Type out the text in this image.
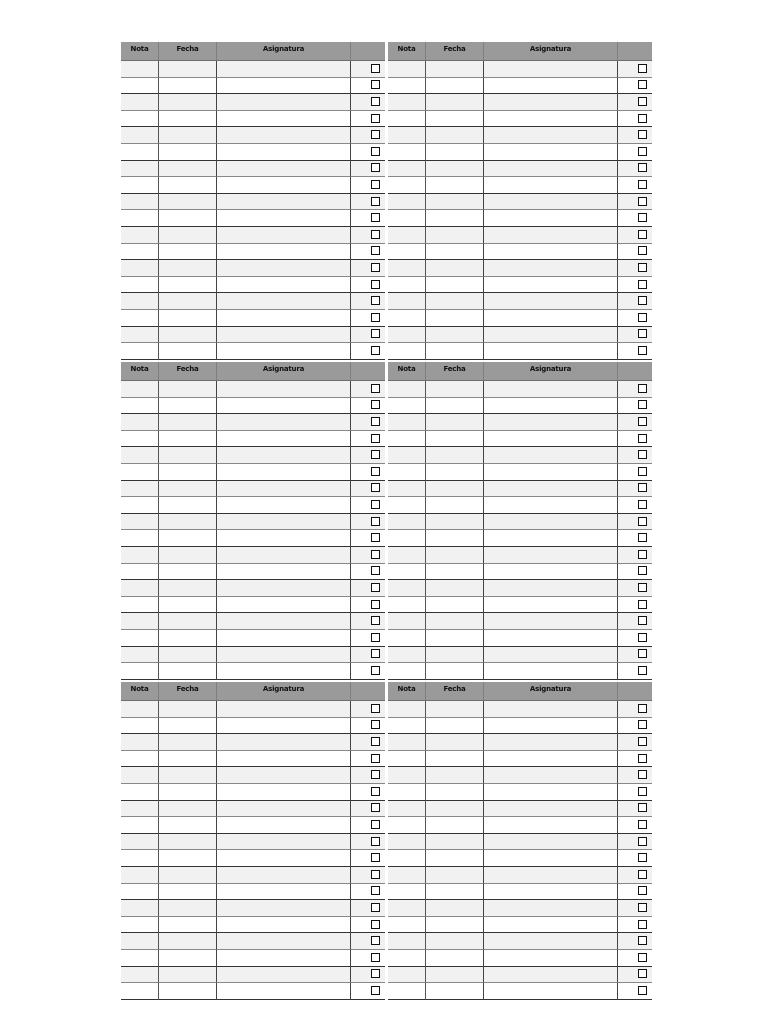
Nota	Fecha	Asignatura	Nota	Fecha	Asignatura
Nota	Fecha	Asignatura	Nota	Fecha	Asignatura
Nota	Fecha	Asignatura	Nota	Fecha	Asignatura
